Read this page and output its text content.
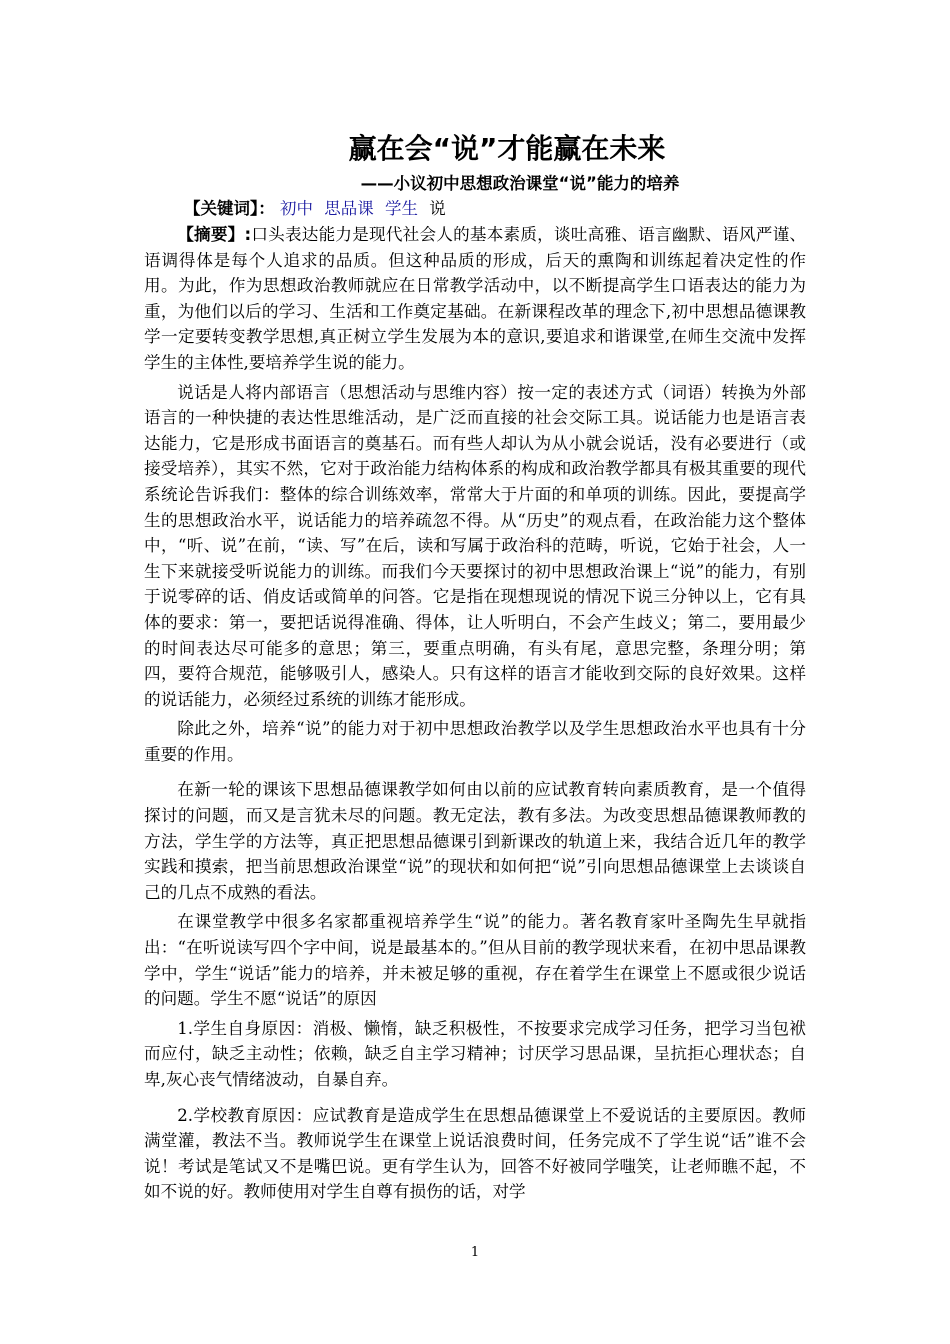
赢在会“说”才能赢在未来
——小议初中思想政治课堂“说”能力的培养
【关键词】： 初中 思品课 学生 说

【摘要】:口头表达能力是现代社会人的基本素质，谈吐高雅、语言幽默、语风严谨、语调得体是每个人追求的品质。但这种品质的形成，后天的熏陶和训练起着决定性的作用。为此，作为思想政治教师就应在日常教学活动中，以不断提高学生口语表达的能力为重，为他们以后的学习、生活和工作奠定基础。在新课程改革的理念下,初中思想品德课教学一定要转变教学思想,真正树立学生发展为本的意识,要追求和谐课堂,在师生交流中发挥学生的主体性,要培养学生说的能力。

说话是人将内部语言（思想活动与思维内容）按一定的表述方式（词语）转换为外部语言的一种快捷的表达性思维活动，是广泛而直接的社会交际工具。说话能力也是语言表达能力，它是形成书面语言的奠基石。而有些人却认为从小就会说话，没有必要进行（或接受培养），其实不然，它对于政治能力结构体系的构成和政治教学都具有极其重要的现代系统论告诉我们：整体的综合训练效率，常常大于片面的和单项的训练。因此，要提高学生的思想政治水平，说话能力的培养疏忽不得。从“历史”的观点看，在政治能力这个整体中，“听、说”在前，“读、写”在后，读和写属于政治科的范畴，听说，它始于社会，人一生下来就接受听说能力的训练。而我们今天要探讨的初中思想政治课上“说”的能力，有别于说零碎的话、俏皮话或简单的问答。它是指在现想现说的情况下说三分钟以上，它有具体的要求：第一，要把话说得准确、得体，让人听明白，不会产生歧义；第二，要用最少的时间表达尽可能多的意思；第三，要重点明确，有头有尾，意思完整，条理分明；第四，要符合规范，能够吸引人，感染人。只有这样的语言才能收到交际的良好效果。这样的说话能力，必须经过系统的训练才能形成。

除此之外，培养“说”的能力对于初中思想政治教学以及学生思想政治水平也具有十分重要的作用。

在新一轮的课该下思想品德课教学如何由以前的应试教育转向素质教育，是一个值得探讨的问题，而又是言犹未尽的问题。教无定法，教有多法。为改变思想品德课教师教的方法，学生学的方法等，真正把思想品德课引到新课改的轨道上来，我结合近几年的教学实践和摸索，把当前思想政治课堂“说”的现状和如何把“说”引向思想品德课堂上去谈谈自己的几点不成熟的看法。

在课堂教学中很多名家都重视培养学生“说”的能力。著名教育家叶圣陶先生早就指出：“在听说读写四个字中间，说是最基本的。”但从目前的教学现状来看，在初中思品课教学中，学生“说话”能力的培养，并未被足够的重视，存在着学生在课堂上不愿或很少说话的问题。学生不愿“说话”的原因

1.学生自身原因：消极、懒惰，缺乏积极性，不按要求完成学习任务，把学习当包袱而应付，缺乏主动性；依赖，缺乏自主学习精神；讨厌学习思品课，呈抗拒心理状态；自卑,灰心丧气情绪波动，自暴自弃。

2.学校教育原因：应试教育是造成学生在思想品德课堂上不爱说话的主要原因。教师满堂灌，教法不当。教师说学生在课堂上说话浪费时间，任务完成不了学生说“话”谁不会说！考试是笔试又不是嘴巴说。更有学生认为，回答不好被同学嗤笑，让老师瞧不起，不如不说的好。教师使用对学生自尊有损伤的话，对学

1
